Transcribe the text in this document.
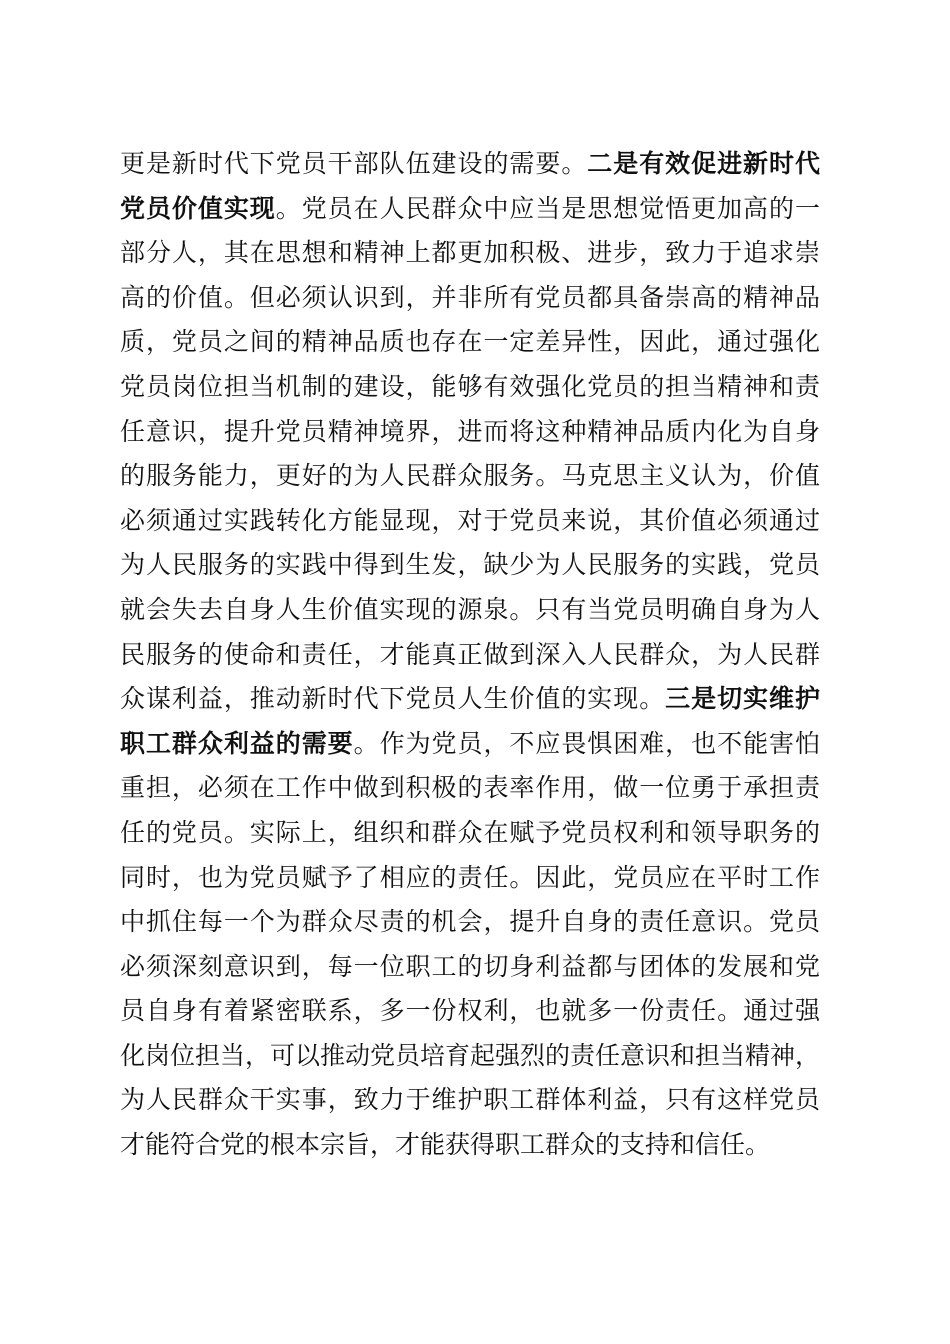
更是新时代下党员干部队伍建设的需要。二是有效促进新时代
党员价值实现。党员在人民群众中应当是思想觉悟更加高的一
部分人，其在思想和精神上都更加积极、进步，致力于追求崇
高的价值。但必须认识到，并非所有党员都具备崇高的精神品
质，党员之间的精神品质也存在一定差异性，因此，通过强化
党员岗位担当机制的建设，能够有效强化党员的担当精神和责
任意识，提升党员精神境界，进而将这种精神品质内化为自身
的服务能力，更好的为人民群众服务。马克思主义认为，价值
必须通过实践转化方能显现，对于党员来说，其价值必须通过
为人民服务的实践中得到生发，缺少为人民服务的实践，党员
就会失去自身人生价值实现的源泉。只有当党员明确自身为人
民服务的使命和责任，才能真正做到深入人民群众，为人民群
众谋利益，推动新时代下党员人生价值的实现。三是切实维护
职工群众利益的需要。作为党员，不应畏惧困难，也不能害怕
重担，必须在工作中做到积极的表率作用，做一位勇于承担责
任的党员。实际上，组织和群众在赋予党员权利和领导职务的
同时，也为党员赋予了相应的责任。因此，党员应在平时工作
中抓住每一个为群众尽责的机会，提升自身的责任意识。党员
必须深刻意识到，每一位职工的切身利益都与团体的发展和党
员自身有着紧密联系，多一份权利，也就多一份责任。通过强
化岗位担当，可以推动党员培育起强烈的责任意识和担当精神，
为人民群众干实事，致力于维护职工群体利益，只有这样党员
才能符合党的根本宗旨，才能获得职工群众的支持和信任。
